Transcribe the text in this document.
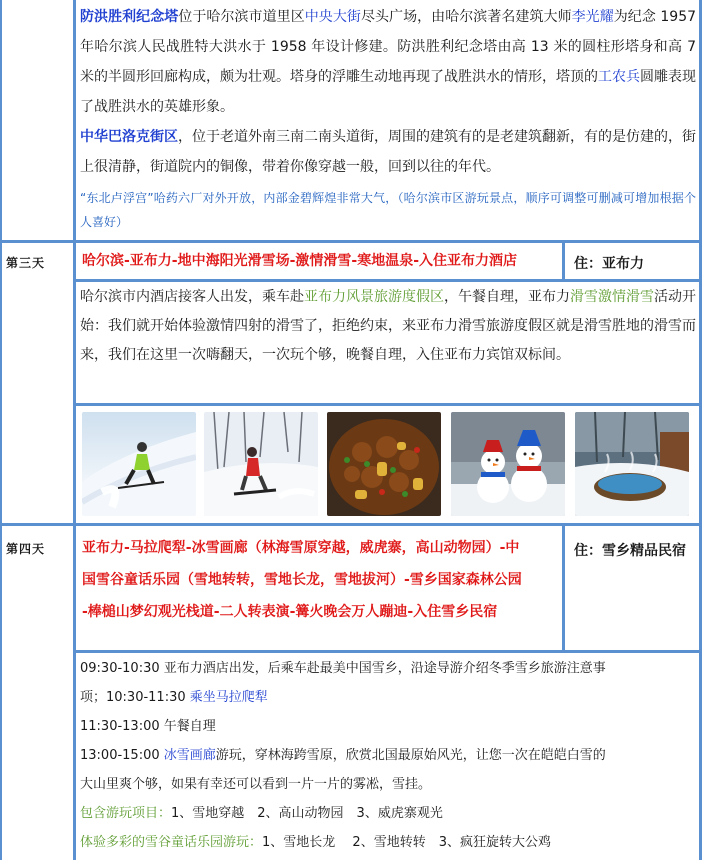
防洪胜利纪念塔位于哈尔滨市道里区中央大街尽头广场，由哈尔滨著名建筑大师李光耀为纪念 1957 年哈尔滨人民战胜特大洪水于 1958 年设计修建。防洪胜利纪念塔由高 13 米的圆柱形塔身和高 7 米的半圆形回廊构成，颇为壮观。塔身的浮雕生动地再现了战胜洪水的情形，塔顶的工农兵圆雕表现了战胜洪水的英雄形象。

中华巴洛克街区，位于老道外南三南二南头道街，周围的建筑有的是老建筑翻新，有的是仿建的，街上很清静，街道院内的铜像，带着你像穿越一般，回到以往的年代。

“东北卢浮宫”哈药六厂对外开放，内部金碧辉煌非常大气，（哈尔滨市区游玩景点，顺序可调整可删减可增加根据个人喜好）

第三天	哈尔滨-亚布力-地中海阳光滑雪场-激情滑雪-寒地温泉-入住亚布力酒店	住：亚布力

哈尔滨市内酒店接客人出发，乘车赴亚布力风景旅游度假区，午餐自理，亚布力滑雪激情滑雪活动开始：我们就开始体验激情四射的滑雪了，拒绝约束，来亚布力滑雪旅游度假区就是滑雪胜地的滑雪而来，我们在这里一次嗨翻天，一次玩个够，晚餐自理，入住亚布力宾馆双标间。

第四天	亚布力-马拉爬犁-冰雪画廊（林海雪原穿越，威虎寨，高山动物园）-中
国雪谷童话乐园（雪地转转，雪地长龙，雪地拔河）-雪乡国家森林公园
-棒槌山梦幻观光栈道-二人转表演-篝火晚会万人蹦迪-入住雪乡民宿
住：雪乡精品民宿

09:30-10:30 亚布力酒店出发，后乘车赴最美中国雪乡，沿途导游介绍冬季雪乡旅游注意事

项；10:30-11:30 乘坐马拉爬犁

11:30-13:00 午餐自理

13:00-15:00 冰雪画廊游玩，穿林海跨雪原，欣赏北国最原始风光，让您一次在皑皑白雪的

大山里爽个够，如果有幸还可以看到一片一片的雾凇，雪挂。

包含游玩项目：1、雪地穿越　2、高山动物园　3、威虎寨观光

体验多彩的雪谷童话乐园游玩：1、雪地长龙　 2、雪地转转　3、疯狂旋转大公鸡
